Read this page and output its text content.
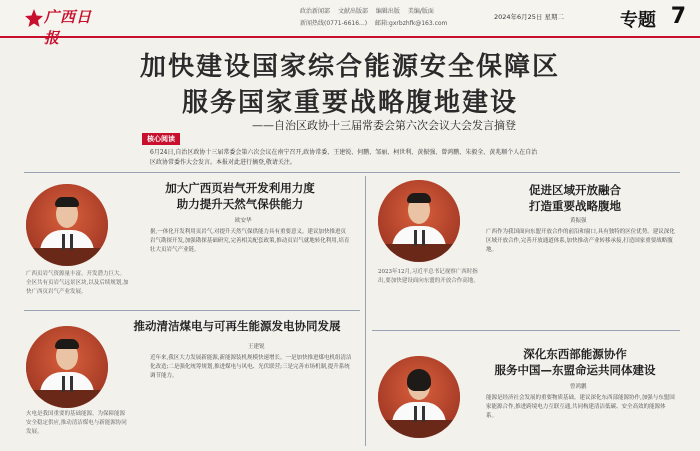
广西日报
政治新闻部 文献出版部 编辑出版 美编/版面
新闻热线(0771-6616...) 邮箱:gxrbzhfk@163.com
2024年6月25日 星期二	专题 7
加快建设国家综合能源安全保障区
服务国家重要战略腹地建设
——自治区政协十三届常委会第六次会议大会发言摘登
核心阅读
6月24日,自治区政协十三届常委会第六次会议在南宁召开,政协常委、王建锐、何鹏、邹丽、柯世利、黄振强、曾鸿鹏、朱毅全、黄兆顺个人在自治区政协常委作大会发言。本报对此进行摘登,敬请关注。
加大广西页岩气开发利用力度
助力提升天然气保供能力
欧安华
广西页岩气资源量丰富。开发潜力巨大。全区共有页岩气远景区块,以及后续规划,加快广西页岩气产业发展。
据,一体化开发利用页岩气,对提升天然气保供能力具有重要意义。建议加快推进页岩气勘探开发,加强勘探基础研究,完善相关配套政策,推动页岩气就地转化利用,培育壮大页岩气产业链。
推动清洁煤电与可再生能源发电协同发展
王建锐
火电是我国重要的基础能源。为保障能源安全稳定供应,推动清洁煤电与新能源协同发展。
近年来,我区大力发展新能源,新能源装机规模快速增长。一是加快推进煤电机组清洁化改造;二是强化统筹规划,推进煤电与风电、光伏联营;三是完善市场机制,提升系统调节能力。
促进区域开放融合
打造重要战略腹地
黄振强
2023年12月,习近平总书记视察广西时指出,要加快建设面向东盟的开放合作高地。
广西作为我国面向东盟开放合作的前沿和窗口,具有独特的区位优势。建议深化区域开放合作,完善开放通道体系,加快推动产业转移承接,打造国家重要战略腹地。
深化东西部能源协作
服务中国—东盟命运共同体建设
曾鸿鹏
能源是经济社会发展的重要物质基础。建议深化东西部能源协作,加强与东盟国家能源合作,推进跨境电力互联互通,共同构建清洁低碳、安全高效的能源体系。
